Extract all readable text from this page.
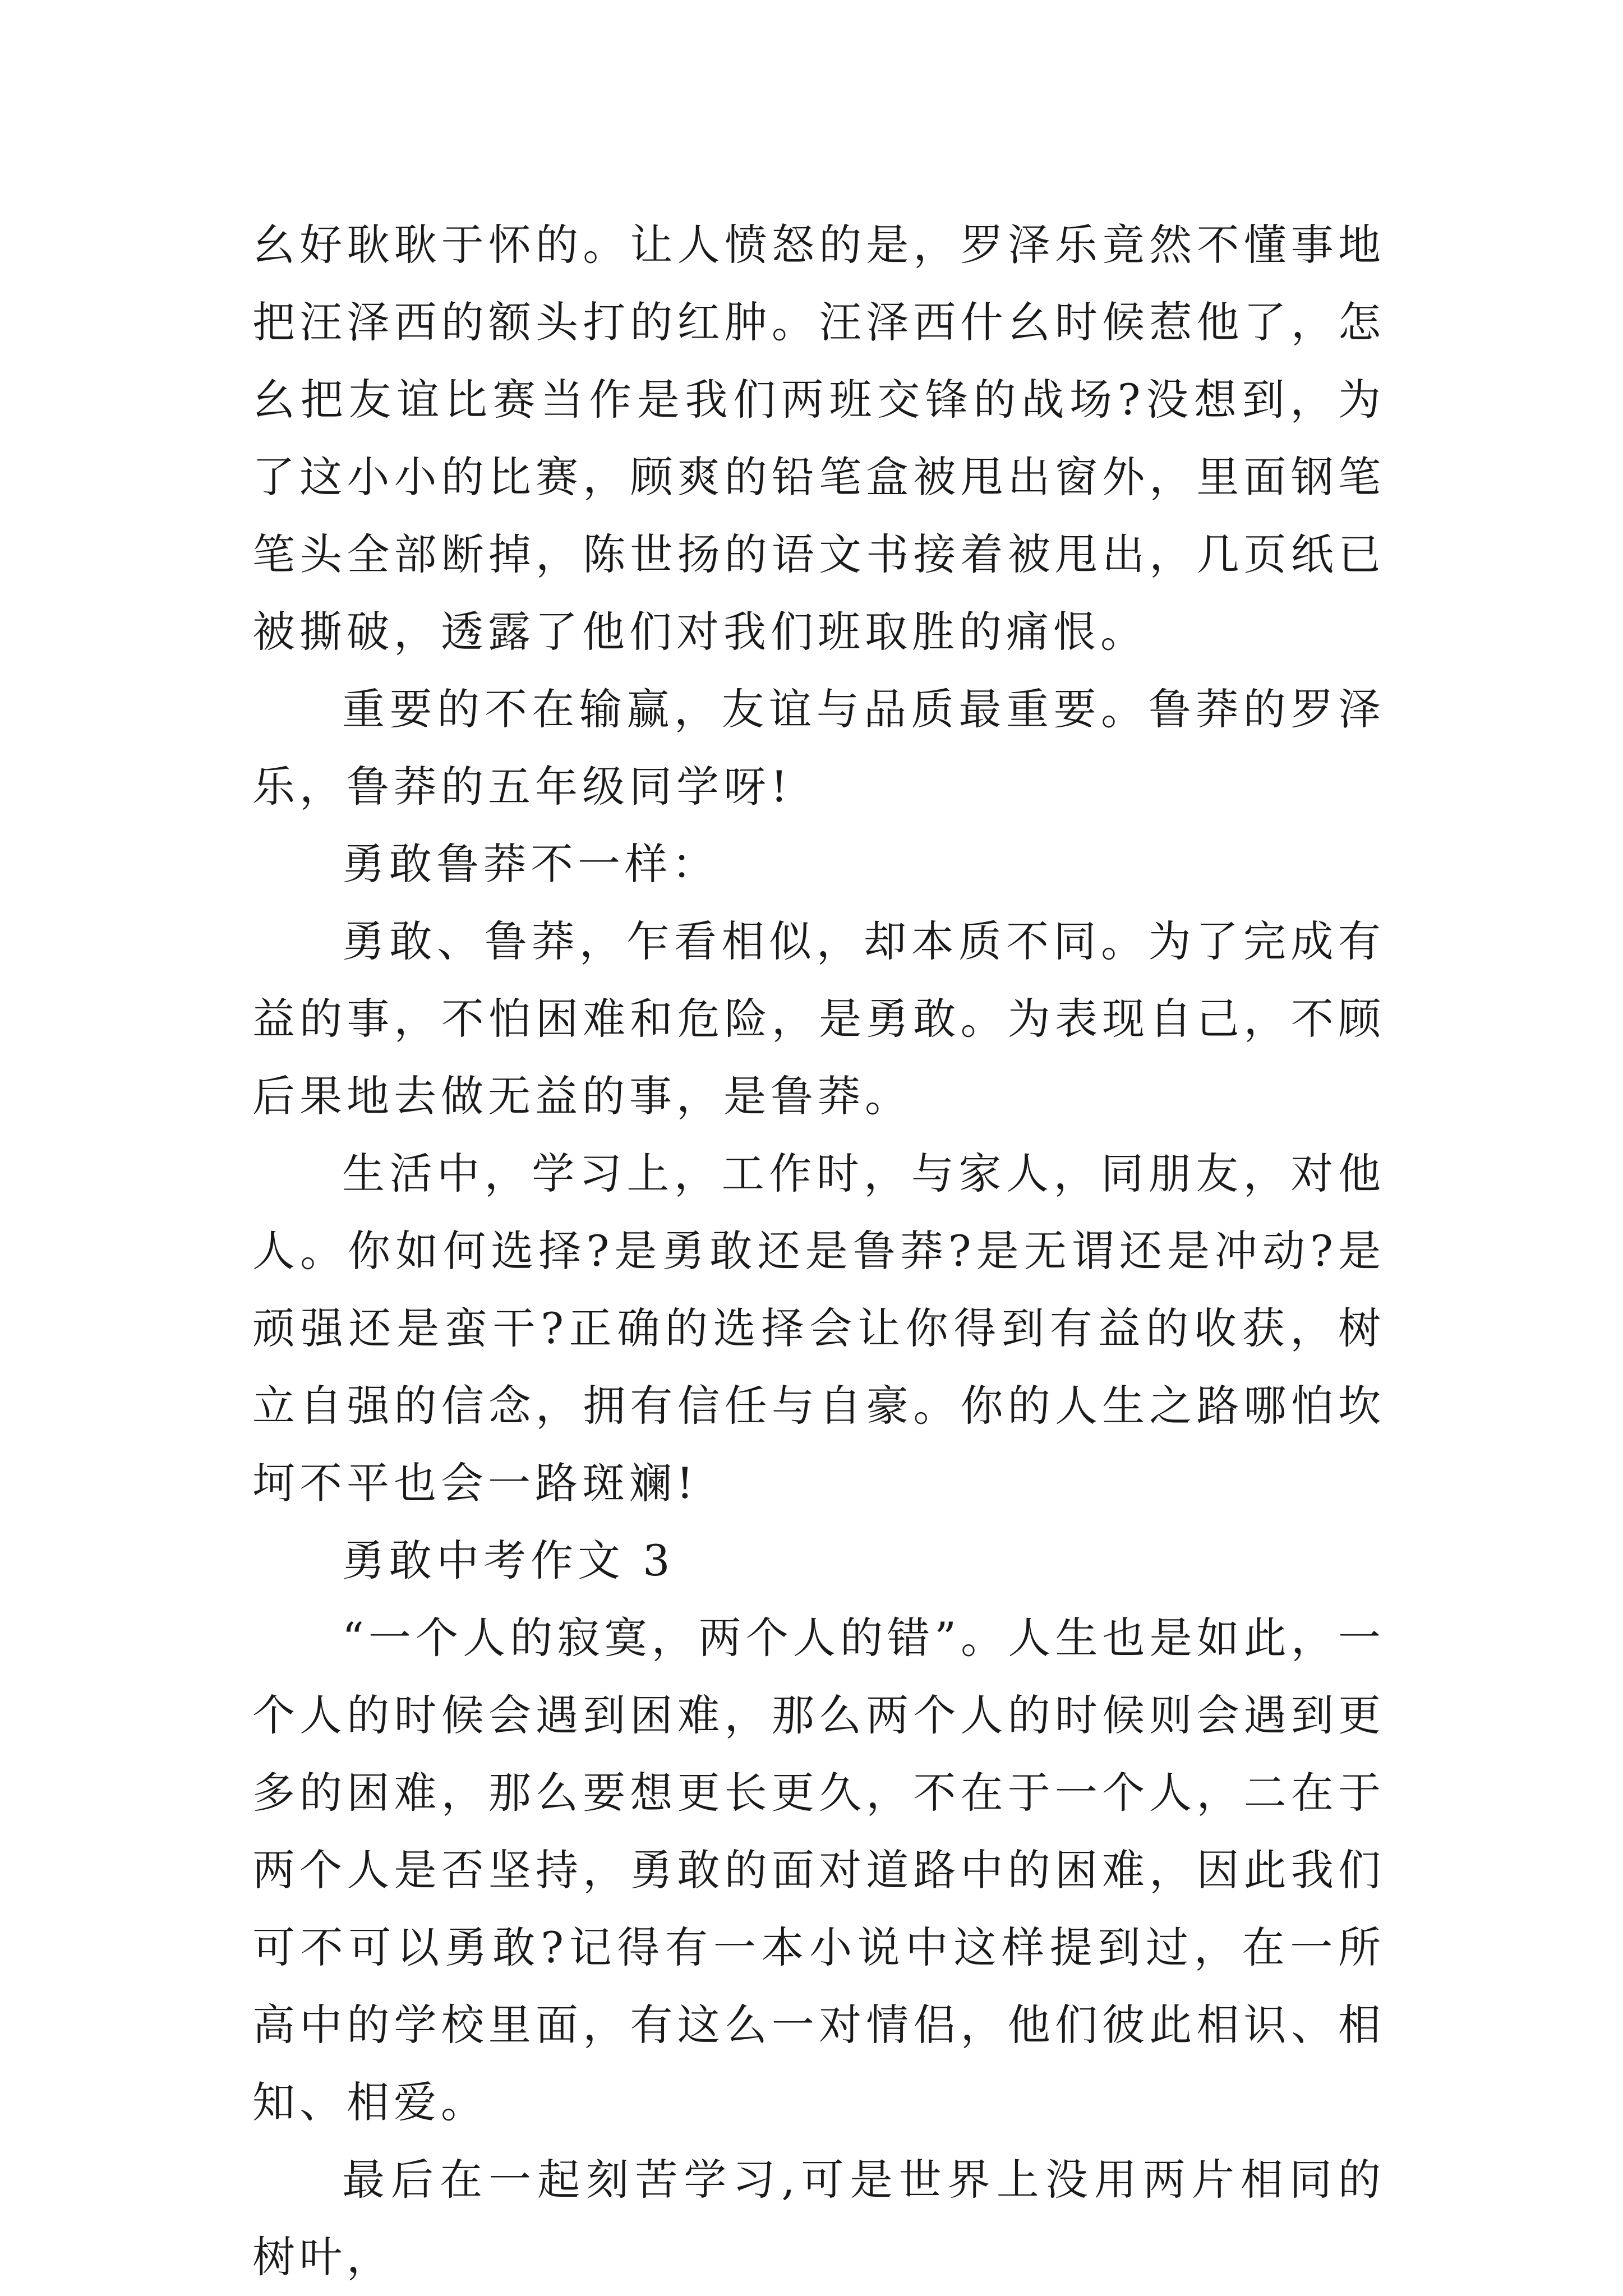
幺好耿耿于怀的。让人愤怒的是，罗泽乐竟然不懂事地把汪泽西的额头打的红肿。汪泽西什幺时候惹他了，怎幺把友谊比赛当作是我们两班交锋的战场?没想到，为了这小小的比赛，顾爽的铅笔盒被甩出窗外，里面钢笔笔头全部断掉，陈世扬的语文书接着被甩出，几页纸已被撕破，透露了他们对我们班取胜的痛恨。

重要的不在输赢，友谊与品质最重要。鲁莽的罗泽乐，鲁莽的五年级同学呀!

勇敢鲁莽不一样：

勇敢、鲁莽，乍看相似，却本质不同。为了完成有益的事，不怕困难和危险，是勇敢。为表现自己，不顾后果地去做无益的事，是鲁莽。

生活中，学习上，工作时，与家人，同朋友，对他人。你如何选择?是勇敢还是鲁莽?是无谓还是冲动?是顽强还是蛮干?正确的选择会让你得到有益的收获，树立自强的信念，拥有信任与自豪。你的人生之路哪怕坎坷不平也会一路斑斓!

勇敢中考作文 3

“一个人的寂寞，两个人的错”。人生也是如此，一个人的时候会遇到困难，那么两个人的时候则会遇到更多的困难，那么要想更长更久，不在于一个人，二在于两个人是否坚持，勇敢的面对道路中的困难，因此我们可不可以勇敢?记得有一本小说中这样提到过，在一所高中的学校里面，有这么一对情侣，他们彼此相识、相知、相爱。

最后在一起刻苦学习,可是世界上没用两片相同的树叶，
